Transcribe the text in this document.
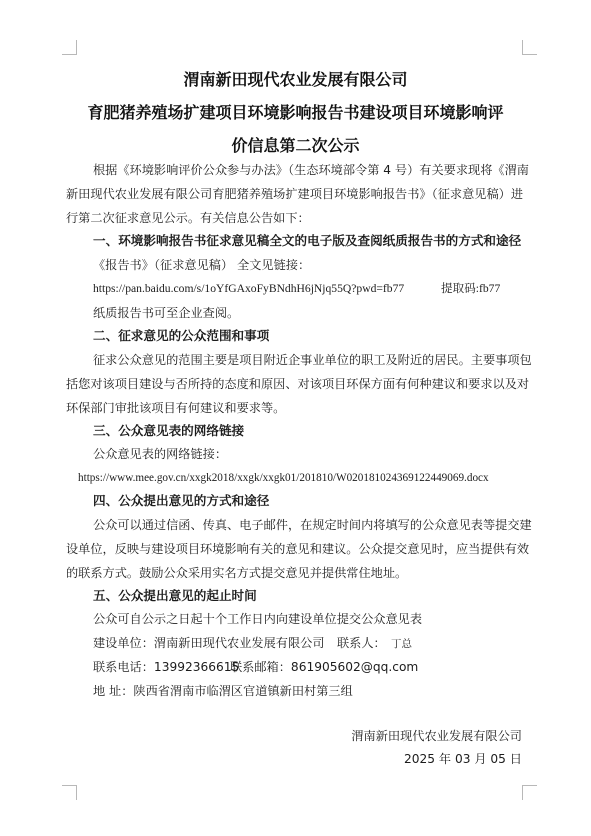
渭南新田现代农业发展有限公司
育肥猪养殖场扩建项目环境影响报告书建设项目环境影响评
价信息第二次公示
根据《环境影响评价公众参与办法》（生态环境部令第 4 号）有关要求现将《渭南
新田现代农业发展有限公司育肥猪养殖场扩建项目环境影响报告书》（征求意见稿）进
行第二次征求意见公示。有关信息公告如下：
一、环境影响报告书征求意见稿全文的电子版及查阅纸质报告书的方式和途径
《报告书》（征求意见稿） 全文见链接：
https://pan.baidu.com/s/1oYfGAxoFyBNdhH6jNjq55Q?pwd=fb77	提取码:fb77
纸质报告书可至企业查阅。
二、征求意见的公众范围和事项
征求公众意见的范围主要是项目附近企事业单位的职工及附近的居民。主要事项包
括您对该项目建设与否所持的态度和原因、对该项目环保方面有何种建议和要求以及对
环保部门审批该项目有何建议和要求等。
三、公众意见表的网络链接
公众意见表的网络链接：
https://www.mee.gov.cn/xxgk2018/xxgk/xxgk01/201810/W020181024369122449069.docx
四、公众提出意见的方式和途径
公众可以通过信函、传真、电子邮件，在规定时间内将填写的公众意见表等提交建
设单位，反映与建设项目环境影响有关的意见和建议。公众提交意见时，应当提供有效
的联系方式。鼓励公众采用实名方式提交意见并提供常住地址。
五、公众提出意见的起止时间
公众可自公示之日起十个工作日内向建设单位提交公众意见表
建设单位：渭南新田现代农业发展有限公司 联系人： 丁总
联系电话：13992366615
联系邮箱：861905602@qq.com
地 址：陕西省渭南市临渭区官道镇新田村第三组
渭南新田现代农业发展有限公司
2025 年 03 月 05 日
